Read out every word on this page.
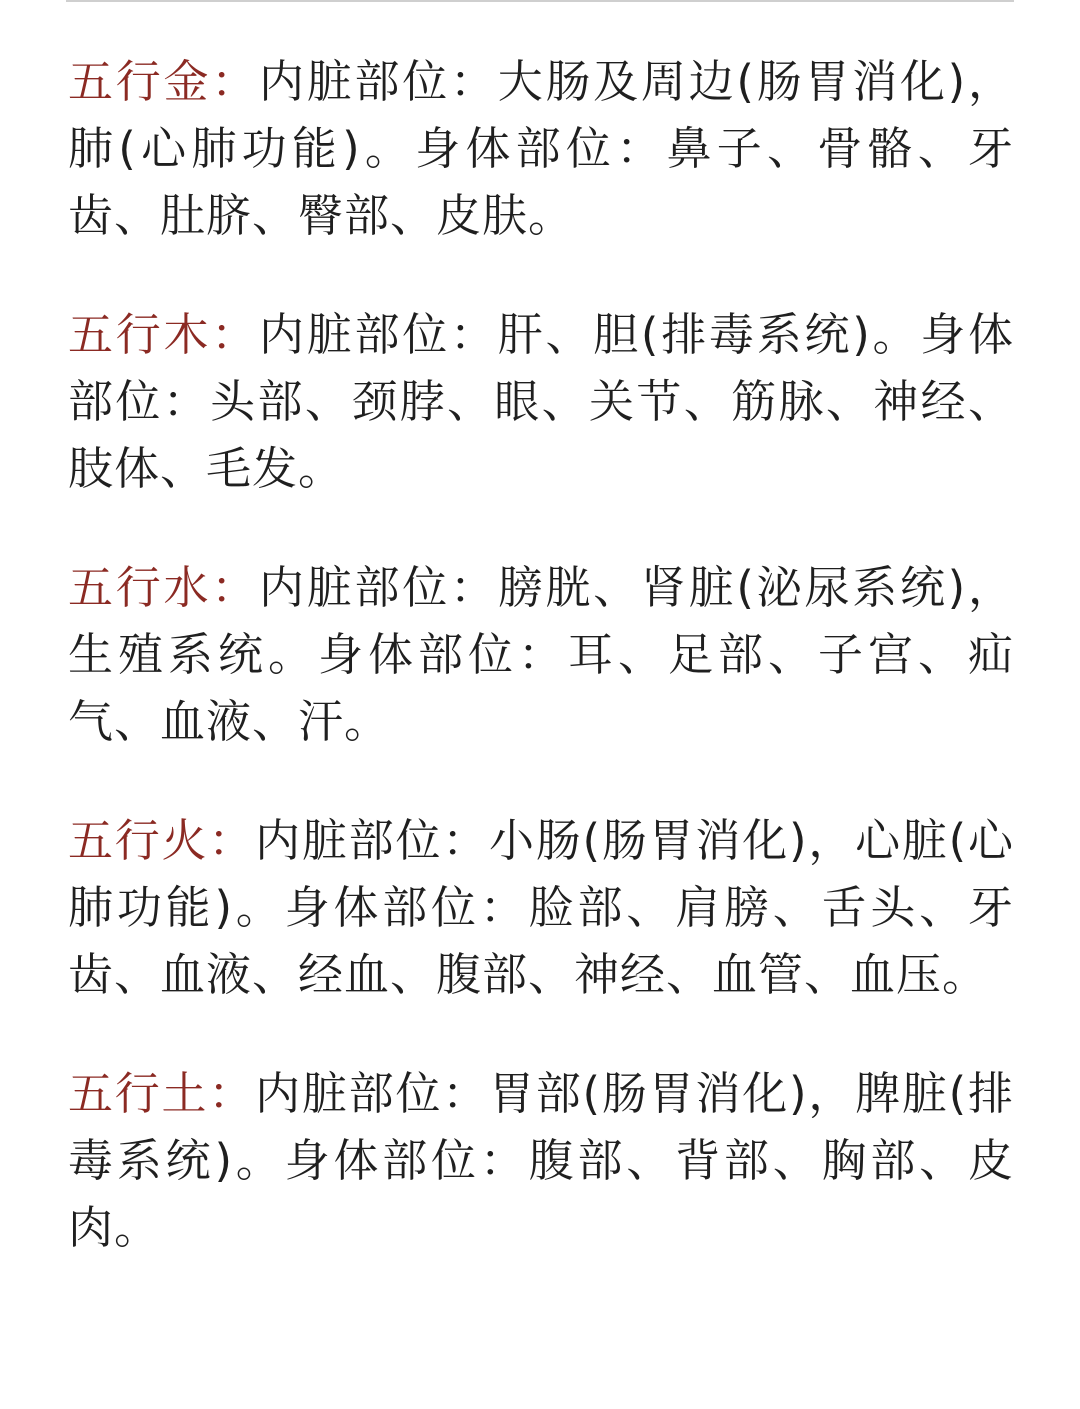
五行金：内脏部位：大肠及周边(肠胃消化)，肺(心肺功能)。身体部位：鼻子、骨骼、牙齿、肚脐、臀部、皮肤。

五行木：内脏部位：肝、胆(排毒系统)。身体部位：头部、颈脖、眼、关节、筋脉、神经、肢体、毛发。

五行水：内脏部位：膀胱、肾脏(泌尿系统)，生殖系统。身体部位：耳、足部、子宫、疝气、血液、汗。

五行火：内脏部位：小肠(肠胃消化)，心脏(心肺功能)。身体部位：脸部、肩膀、舌头、牙齿、血液、经血、腹部、神经、血管、血压。

五行土：内脏部位：胃部(肠胃消化)，脾脏(排毒系统)。身体部位：腹部、背部、胸部、皮肉。
